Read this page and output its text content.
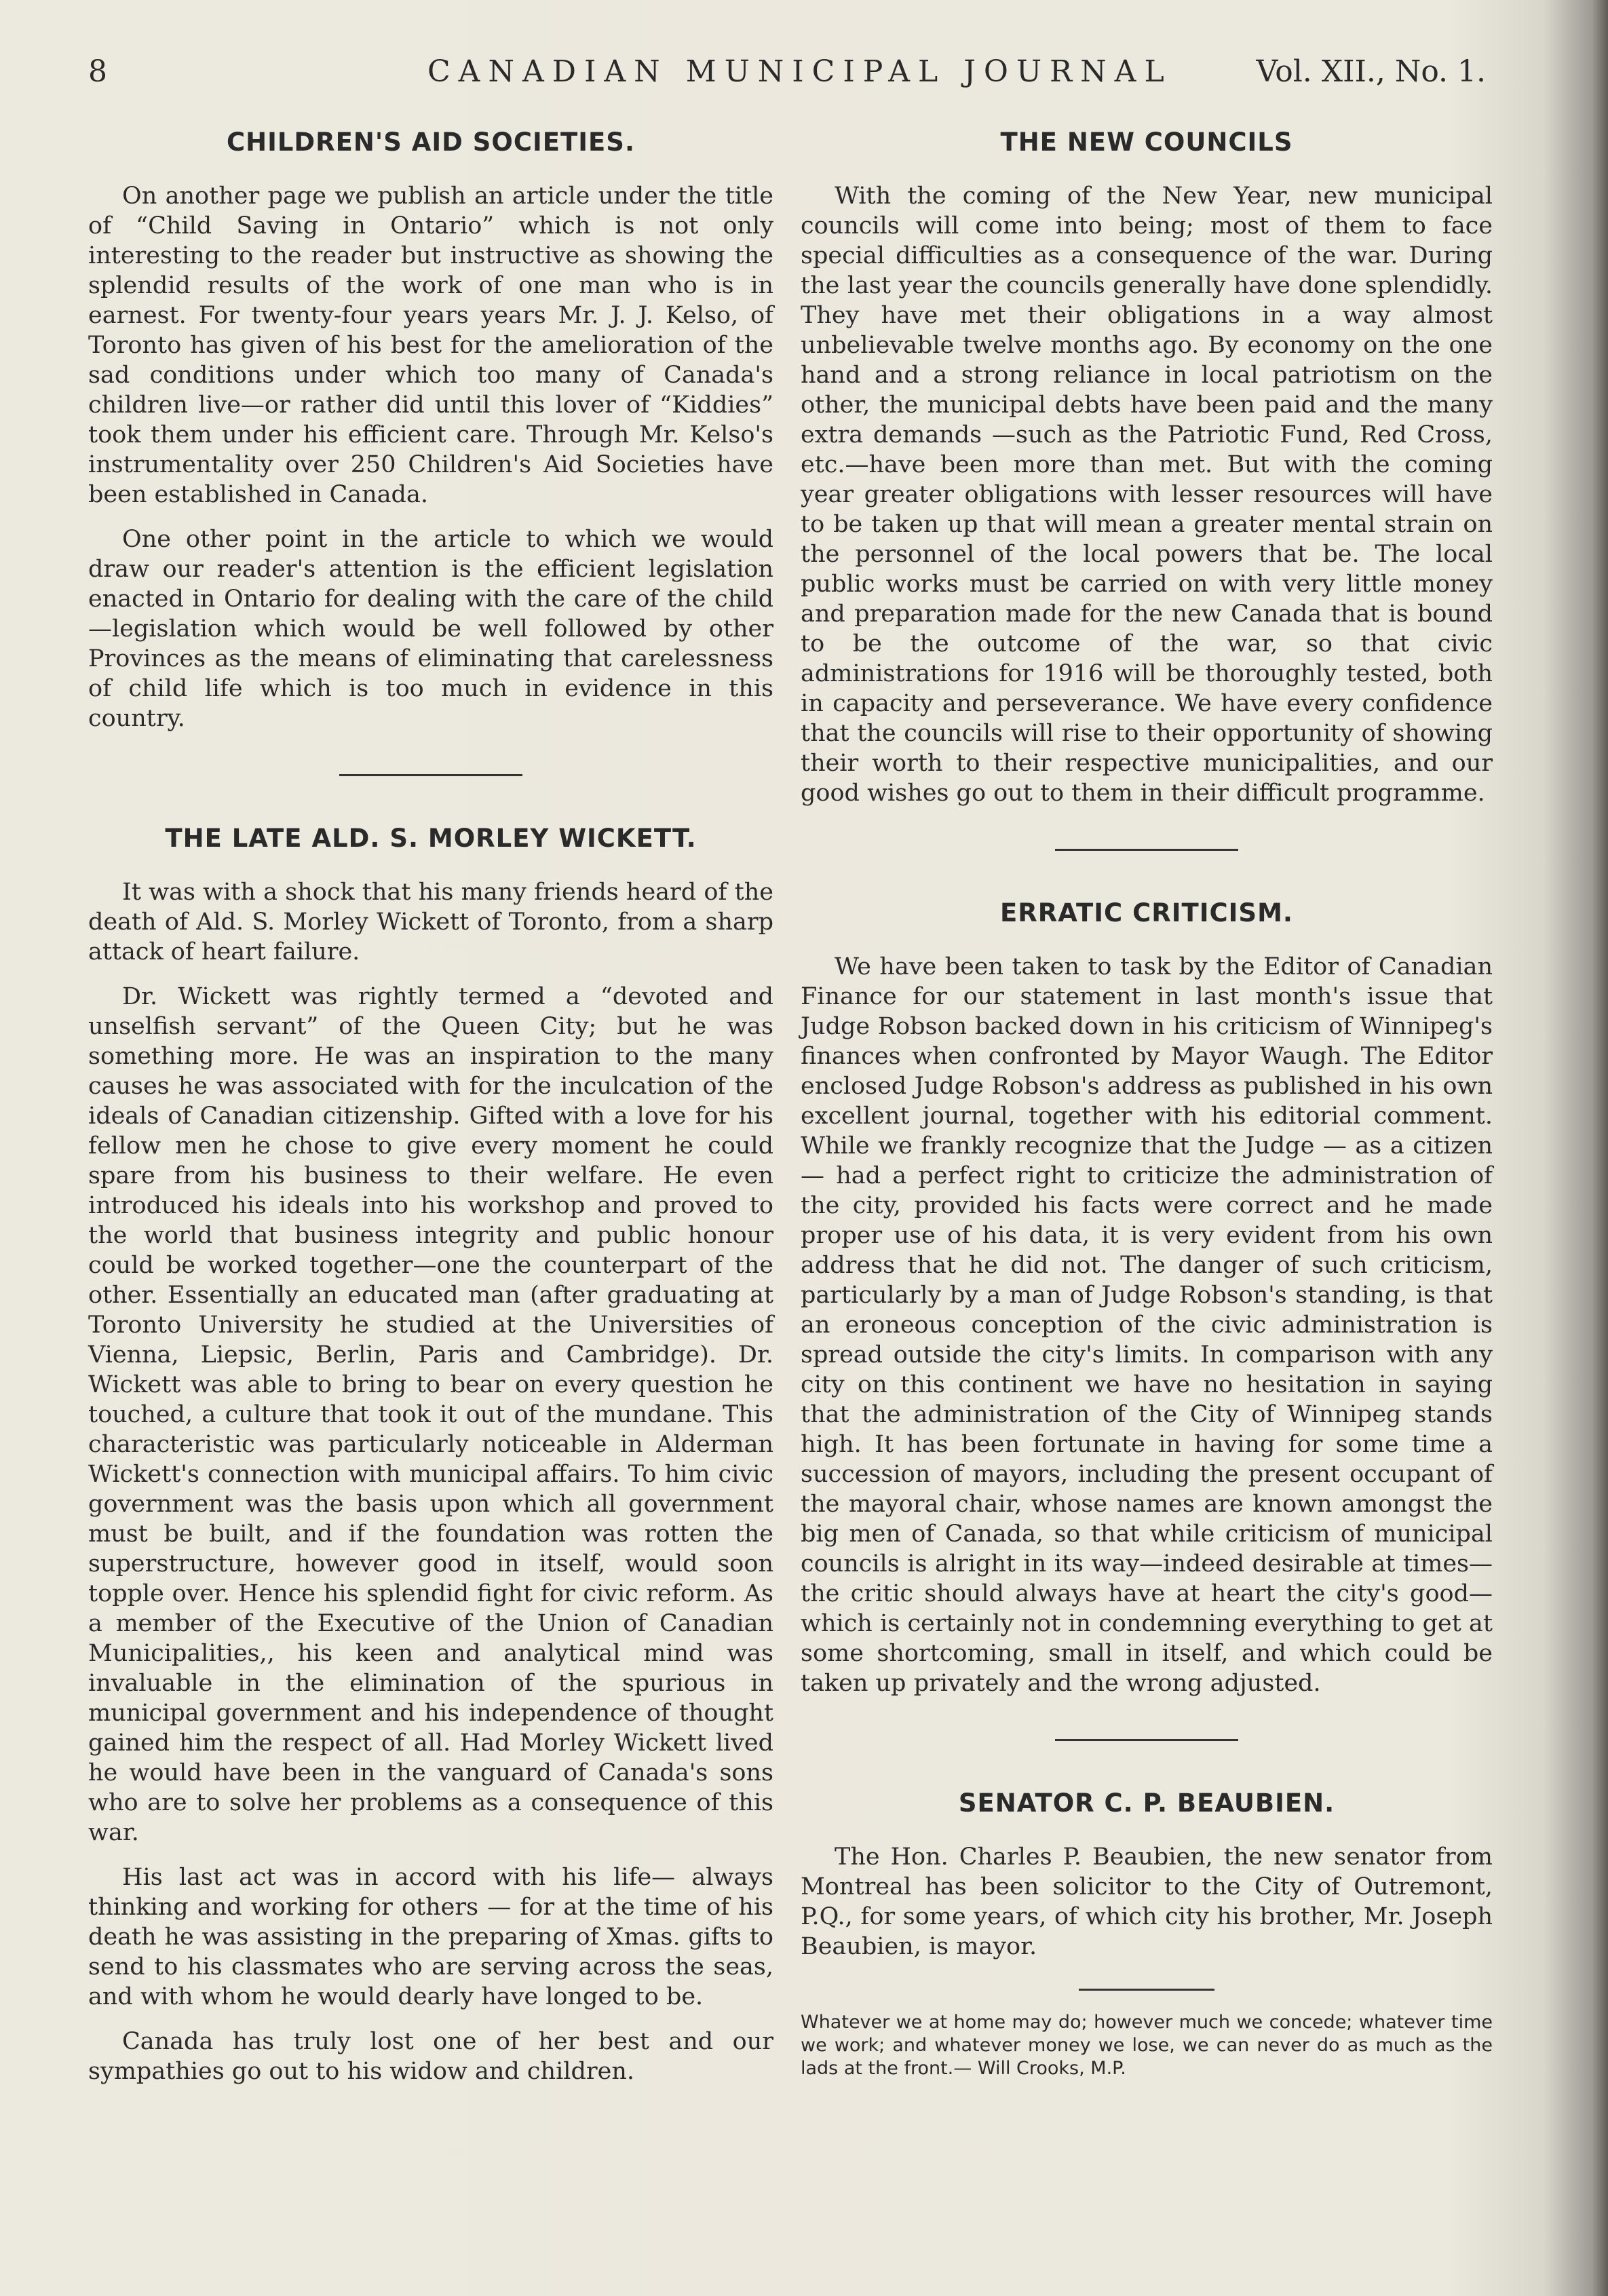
8	CANADIAN MUNICIPAL JOURNAL	Vol. XII., No. 1.
CHILDREN'S AID SOCIETIES.

On another page we publish an article under the title of “Child Saving in Ontario” which is not only interesting to the reader but instructive as showing the splendid results of the work of one man who is in earnest. For twenty-four years years Mr. J. J. Kelso, of Toronto has given of his best for the amelioration of the sad conditions under which too many of Canada's children live—or rather did until this lover of “Kiddies” took them under his efficient care. Through Mr. Kelso's instrumentality over 250 Children's Aid Societies have been established in Canada.

One other point in the article to which we would draw our reader's attention is the efficient legislation enacted in Ontario for dealing with the care of the child—legislation which would be well followed by other Provinces as the means of eliminating that carelessness of child life which is too much in evidence in this country.

THE LATE ALD. S. MORLEY WICKETT.

It was with a shock that his many friends heard of the death of Ald. S. Morley Wickett of Toronto, from a sharp attack of heart failure.

Dr. Wickett was rightly termed a “devoted and unselfish servant” of the Queen City; but he was something more. He was an inspiration to the many causes he was associated with for the inculcation of the ideals of Canadian citizenship. Gifted with a love for his fellow men he chose to give every moment he could spare from his business to their welfare. He even introduced his ideals into his workshop and proved to the world that business integrity and public honour could be worked together—one the counterpart of the other. Essentially an educated man (after graduating at Toronto University he studied at the Universities of Vienna, Liepsic, Berlin, Paris and Cambridge). Dr. Wickett was able to bring to bear on every question he touched, a culture that took it out of the mundane. This characteristic was particularly noticeable in Alderman Wickett's connection with municipal affairs. To him civic government was the basis upon which all government must be built, and if the foundation was rotten the superstructure, however good in itself, would soon topple over. Hence his splendid fight for civic reform. As a member of the Executive of the Union of Canadian Municipalities,, his keen and analytical mind was invaluable in the elimination of the spurious in municipal government and his independence of thought gained him the respect of all. Had Morley Wickett lived he would have been in the vanguard of Canada's sons who are to solve her problems as a consequence of this war.

His last act was in accord with his life— always thinking and working for others — for at the time of his death he was assisting in the preparing of Xmas. gifts to send to his classmates who are serving across the seas, and with whom he would dearly have longed to be.

Canada has truly lost one of her best and our sympathies go out to his widow and children.

THE NEW COUNCILS

With the coming of the New Year, new municipal councils will come into being; most of them to face special difficulties as a consequence of the war. During the last year the councils generally have done splendidly. They have met their obligations in a way almost unbelievable twelve months ago. By economy on the one hand and a strong reliance in local patriotism on the other, the municipal debts have been paid and the many extra demands —such as the Patriotic Fund, Red Cross, etc.—have been more than met. But with the coming year greater obligations with lesser resources will have to be taken up that will mean a greater mental strain on the personnel of the local powers that be. The local public works must be carried on with very little money and preparation made for the new Canada that is bound to be the outcome of the war, so that civic administrations for 1916 will be thoroughly tested, both in capacity and perseverance. We have every confidence that the councils will rise to their opportunity of showing their worth to their respective municipalities, and our good wishes go out to them in their difficult programme.

ERRATIC CRITICISM.

We have been taken to task by the Editor of Canadian Finance for our statement in last month's issue that Judge Robson backed down in his criticism of Winnipeg's finances when confronted by Mayor Waugh. The Editor enclosed Judge Robson's address as published in his own excellent journal, together with his editorial comment. While we frankly recognize that the Judge — as a citizen — had a perfect right to criticize the administration of the city, provided his facts were correct and he made proper use of his data, it is very evident from his own address that he did not. The danger of such criticism, particularly by a man of Judge Robson's standing, is that an eroneous conception of the civic administration is spread outside the city's limits. In comparison with any city on this continent we have no hesitation in saying that the administration of the City of Winnipeg stands high. It has been fortunate in having for some time a succession of mayors, including the present occupant of the mayoral chair, whose names are known amongst the big men of Canada, so that while criticism of municipal councils is alright in its way—indeed desirable at times—the critic should always have at heart the city's good—which is certainly not in condemning everything to get at some shortcoming, small in itself, and which could be taken up privately and the wrong adjusted.

SENATOR C. P. BEAUBIEN.

The Hon. Charles P. Beaubien, the new senator from Montreal has been solicitor to the City of Outremont, P.Q., for some years, of which city his brother, Mr. Joseph Beaubien, is mayor.

Whatever we at home may do; however much we concede; whatever time we work; and whatever money we lose, we can never do as much as the lads at the front.— Will Crooks, M.P.
